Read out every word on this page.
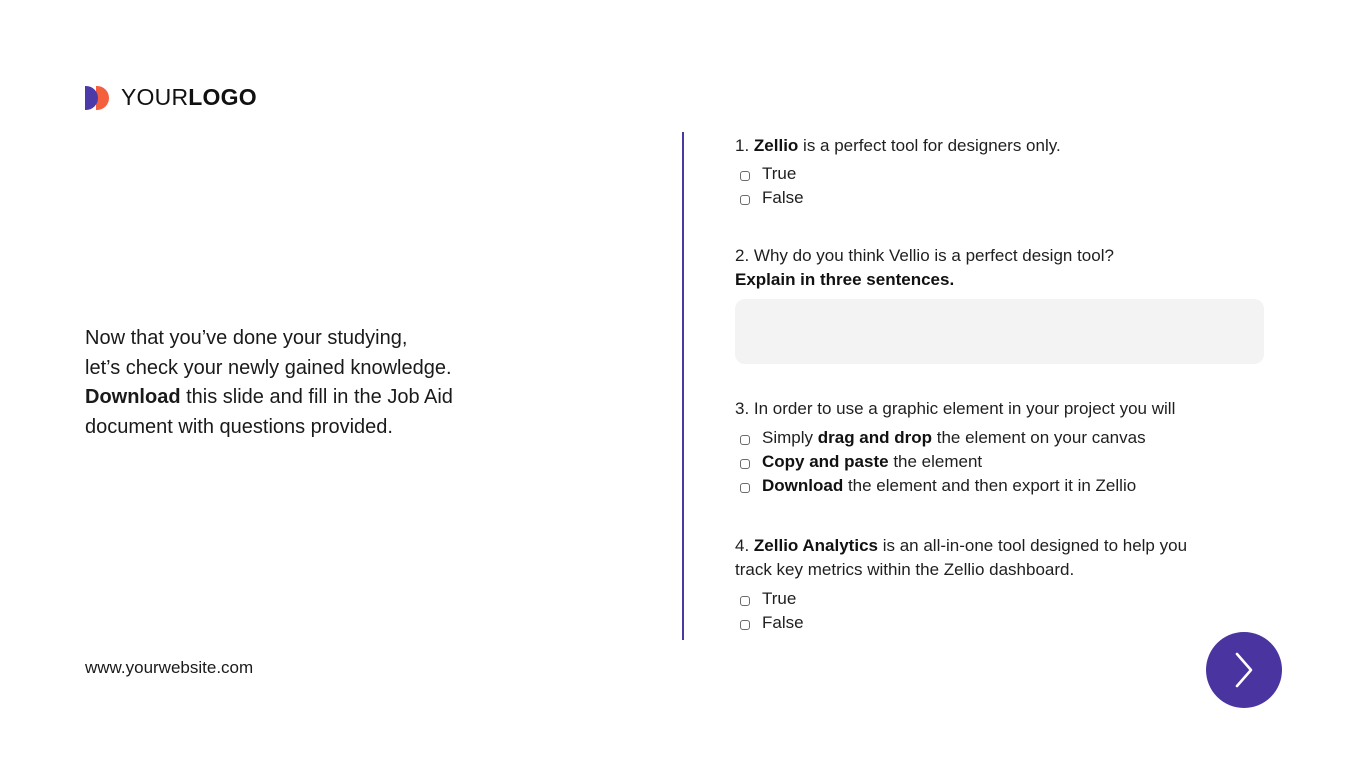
YOURLOGO
Now that you’ve done your studying,
let’s check your newly gained knowledge.
Download this slide and fill in the Job Aid
document with questions provided.
www.yourwebsite.com
1. Zellio is a perfect tool for designers only.
True
False
2. Why do you think Vellio is a perfect design tool?
Explain in three sentences.
3. In order to use a graphic element in your project you will
Simply drag and drop the element on your canvas
Copy and paste the element
Download the element and then export it in Zellio
4. Zellio Analytics is an all-in-one tool designed to help you
track key metrics within the Zellio dashboard.
True
False
